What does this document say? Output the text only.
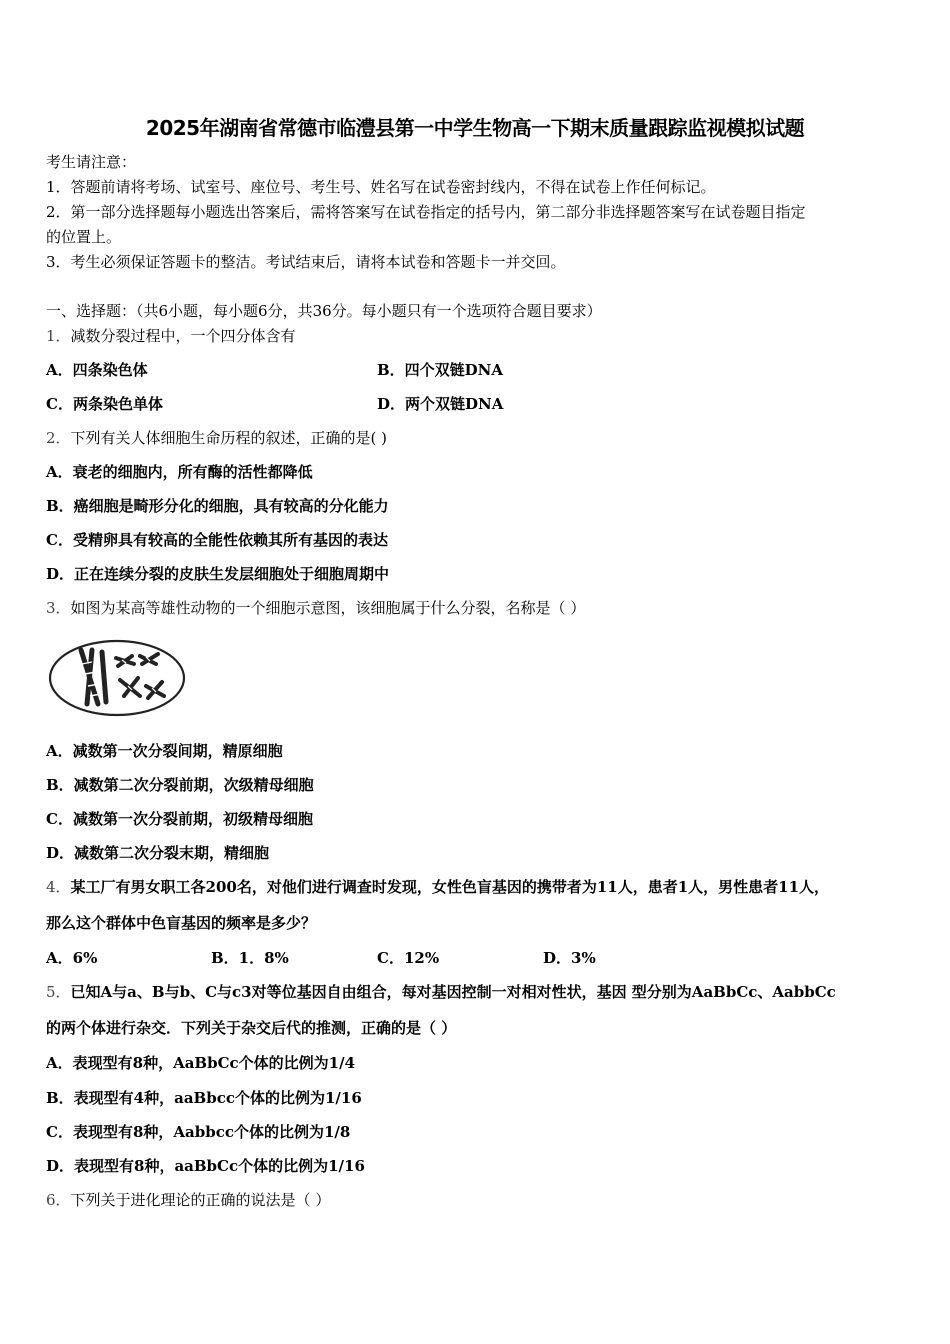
2025年湖南省常德市临澧县第一中学生物高一下期末质量跟踪监视模拟试题
考生请注意：
1．答题前请将考场、试室号、座位号、考生号、姓名写在试卷密封线内，不得在试卷上作任何标记。
2．第一部分选择题每小题选出答案后，需将答案写在试卷指定的括号内，第二部分非选择题答案写在试卷题目指定
的位置上。
3．考生必须保证答题卡的整洁。考试结束后，请将本试卷和答题卡一并交回。
一、选择题：（共6小题，每小题6分，共36分。每小题只有一个选项符合题目要求）
1．减数分裂过程中，一个四分体含有
A．四条染色体	B．四个双链DNA
C．两条染色单体	D．两个双链DNA
2．下列有关人体细胞生命历程的叙述，正确的是( )
A．衰老的细胞内，所有酶的活性都降低
B．癌细胞是畸形分化的细胞，具有较高的分化能力
C．受精卵具有较高的全能性依赖其所有基因的表达
D．正在连续分裂的皮肤生发层细胞处于细胞周期中
3．如图为某高等雄性动物的一个细胞示意图，该细胞属于什么分裂，名称是（ ）
A．减数第一次分裂间期，精原细胞
B．减数第二次分裂前期，次级精母细胞
C．减数第一次分裂前期，初级精母细胞
D．减数第二次分裂末期，精细胞
4．某工厂有男女职工各200名，对他们进行调查时发现，女性色盲基因的携带者为11人，患者1人，男性患者11人，
那么这个群体中色盲基因的频率是多少？
A．6%	B．1．8%	C．12%	D．3%
5．已知A与a、B与b、C与c3对等位基因自由组合，每对基因控制一对相对性状，基因 型分别为AaBbCc、AabbCc
的两个体进行杂交．下列关于杂交后代的推测，正确的是（ ）
A．表现型有8种，AaBbCc个体的比例为1/4
B．表现型有4种，aaBbcc个体的比例为1/16
C．表现型有8种，Aabbcc个体的比例为1/8
D．表现型有8种，aaBbCc个体的比例为1/16
6．下列关于进化理论的正确的说法是（ ）
